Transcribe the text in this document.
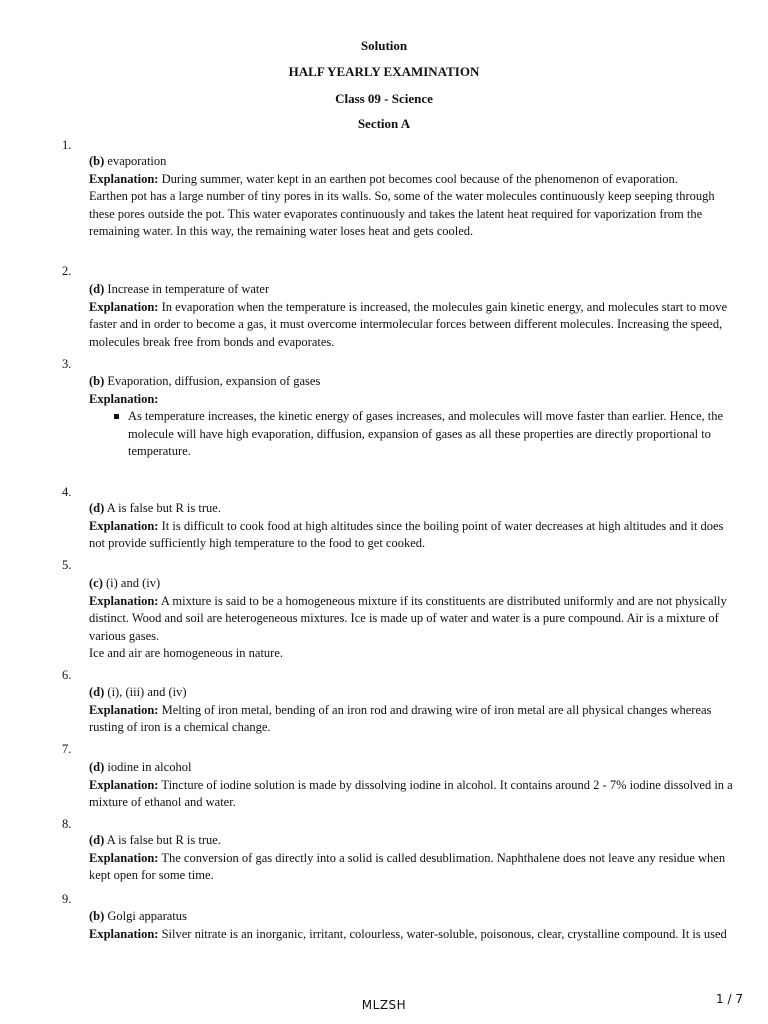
Solution
HALF YEARLY EXAMINATION
Class 09 - Science
Section A
1.

(b) evaporation

Explanation: During summer, water kept in an earthen pot becomes cool because of the phenomenon of evaporation.

Earthen pot has a large number of tiny pores in its walls. So, some of the water molecules continuously keep seeping through these pores outside the pot. This water evaporates continuously and takes the latent heat required for vaporization from the remaining water. In this way, the remaining water loses heat and gets cooled.

2.

(d) Increase in temperature of water

Explanation: In evaporation when the temperature is increased, the molecules gain kinetic energy, and molecules start to move faster and in order to become a gas, it must overcome intermolecular forces between different molecules. Increasing the speed, molecules break free from bonds and evaporates.

3.

(b) Evaporation, diffusion, expansion of gases

Explanation:

As temperature increases, the kinetic energy of gases increases, and molecules will move faster than earlier. Hence, the molecule will have high evaporation, diffusion, expansion of gases as all these properties are directly proportional to temperature.

4.

(d) A is false but R is true.

Explanation: It is difficult to cook food at high altitudes since the boiling point of water decreases at high altitudes and it does not provide sufficiently high temperature to the food to get cooked.

5.

(c) (i) and (iv)

Explanation: A mixture is said to be a homogeneous mixture if its constituents are distributed uniformly and are not physically distinct. Wood and soil are heterogeneous mixtures. Ice is made up of water and water is a pure compound. Air is a mixture of various gases.

Ice and air are homogeneous in nature.

6.

(d) (i), (iii) and (iv)

Explanation: Melting of iron metal, bending of an iron rod and drawing wire of iron metal are all physical changes whereas rusting of iron is a chemical change.

7.

(d) iodine in alcohol

Explanation: Tincture of iodine solution is made by dissolving iodine in alcohol. It contains around 2 - 7% iodine dissolved in a mixture of ethanol and water.

8.

(d) A is false but R is true.

Explanation: The conversion of gas directly into a solid is called desublimation. Naphthalene does not leave any residue when kept open for some time.

9.

(b) Golgi apparatus

Explanation: Silver nitrate is an inorganic, irritant, colourless, water-soluble, poisonous, clear, crystalline compound. It is used

MLZSH	1 / 7
